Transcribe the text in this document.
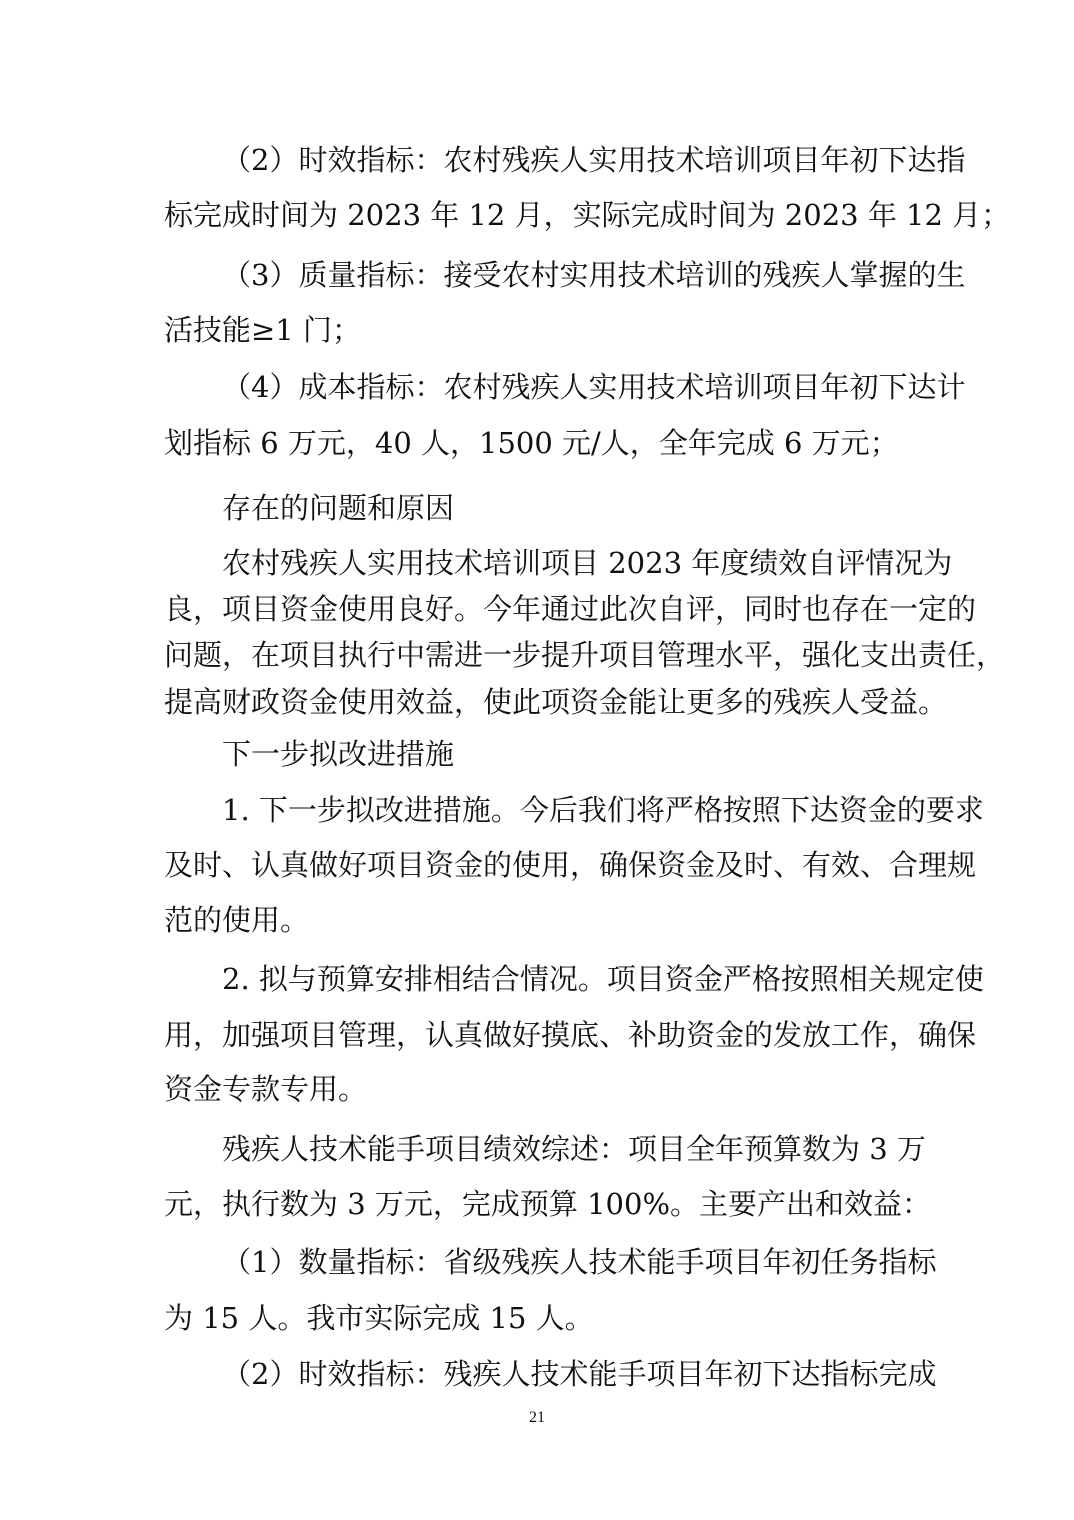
（2）时效指标：农村残疾人实用技术培训项目年初下达指
标完成时间为 2023 年 12 月，实际完成时间为 2023 年 12 月；
（3）质量指标：接受农村实用技术培训的残疾人掌握的生
活技能≥1 门；
（4）成本指标：农村残疾人实用技术培训项目年初下达计
划指标 6 万元，40 人，1500 元/人，全年完成 6 万元；
存在的问题和原因
农村残疾人实用技术培训项目 2023 年度绩效自评情况为
良，项目资金使用良好。今年通过此次自评，同时也存在一定的
问题，在项目执行中需进一步提升项目管理水平，强化支出责任，
提高财政资金使用效益，使此项资金能让更多的残疾人受益。
下一步拟改进措施
1. 下一步拟改进措施。今后我们将严格按照下达资金的要求
及时、认真做好项目资金的使用，确保资金及时、有效、合理规
范的使用。
2. 拟与预算安排相结合情况。项目资金严格按照相关规定使
用，加强项目管理，认真做好摸底、补助资金的发放工作，确保
资金专款专用。
残疾人技术能手项目绩效综述： 项目全年预算数为 3 万
元，执行数为 3 万元，完成预算 100%。主要产出和效益：
（1）数量指标：省级残疾人技术能手项目年初任务指标
为 15 人。我市实际完成 15 人。
（2）时效指标：残疾人技术能手项目年初下达指标完成
21
